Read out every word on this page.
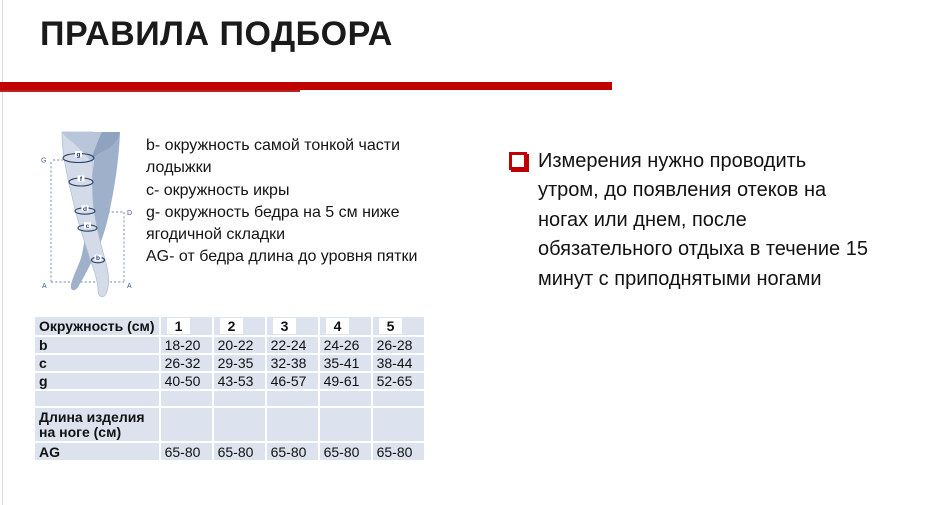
ПРАВИЛА ПОДБОРА
g
f
d
c
b
G
D
A	A
b- окружность самой тонкой части
лодыжки
c- окружность икры
g- окружность бедра на 5 см ниже
ягодичной складки
AG- от бедра длина до уровня пятки
Измерения нужно проводить
утром, до появления отеков на
ногах или днем, после
обязательного отдыха в течение 15
минут с приподнятыми ногами
Окружность (см)	1	2	3	4	5
b	18-20	20-22	22-24	24-26	26-28
c	26-32	29-35	32-38	35-41	38-44
g	40-50	43-53	46-57	49-61	52-65

Длина изделия на ноге (см)					
AG	65-80	65-80	65-80	65-80	65-80
